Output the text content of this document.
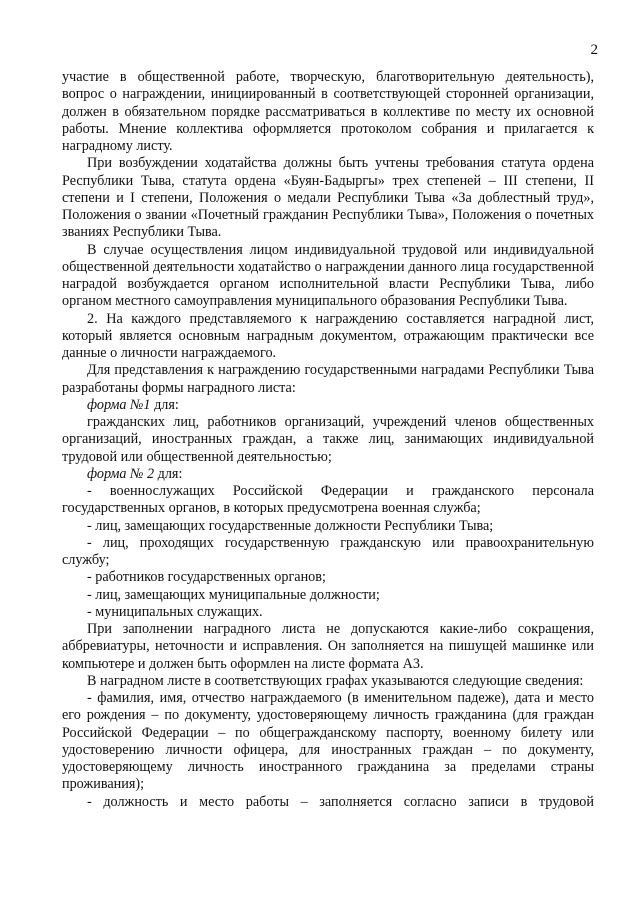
2

участие в общественной работе, творческую, благотворительную деятельность), вопрос о награждении, инициированный в соответствующей сторонней организации, должен в обязательном порядке рассматриваться в коллективе по месту их основной работы. Мнение коллектива оформляется протоколом собрания и прилагается к наградному листу.

При возбуждении ходатайства должны быть учтены требования статута ордена Республики Тыва, статута ордена «Буян-Бадыргы» трех степеней – III степени, II степени и I степени, Положения о медали Республики Тыва «За доблестный труд», Положения о звании «Почетный гражданин Республики Тыва», Положения о почетных званиях Республики Тыва.

В случае осуществления лицом индивидуальной трудовой или индивидуальной общественной деятельности ходатайство о награждении данного лица государственной наградой возбуждается органом исполнительной власти Республики Тыва, либо органом местного самоуправления муниципального образования Республики Тыва.

2. На каждого представляемого к награждению составляется наградной лист, который является основным наградным документом, отражающим практически все данные о личности награждаемого.

Для представления к награждению государственными наградами Республики Тыва разработаны формы наградного листа:

форма №1 для:

гражданских лиц, работников организаций, учреждений членов общественных организаций, иностранных граждан, а также лиц, занимающих индивидуальной трудовой или общественной деятельностью;

форма № 2 для:

- военнослужащих Российской Федерации и гражданского персонала государственных органов, в которых предусмотрена военная служба;

- лиц, замещающих государственные должности Республики Тыва;

- лиц, проходящих государственную гражданскую или правоохранительную службу;

- работников государственных органов;

- лиц, замещающих муниципальные должности;

- муниципальных служащих.

При заполнении наградного листа не допускаются какие-либо сокращения, аббревиатуры, неточности и исправления. Он заполняется на пишущей машинке или компьютере и должен быть оформлен на листе формата А3.

В наградном листе в соответствующих графах указываются следующие сведения:

- фамилия, имя, отчество награждаемого (в именительном падеже), дата и место его рождения – по документу, удостоверяющему личность гражданина (для граждан Российской Федерации – по общегражданскому паспорту, военному билету или удостоверению личности офицера, для иностранных граждан – по документу, удостоверяющему личность иностранного гражданина за пределами страны проживания);

- должность и место работы – заполняется согласно записи в трудовой
